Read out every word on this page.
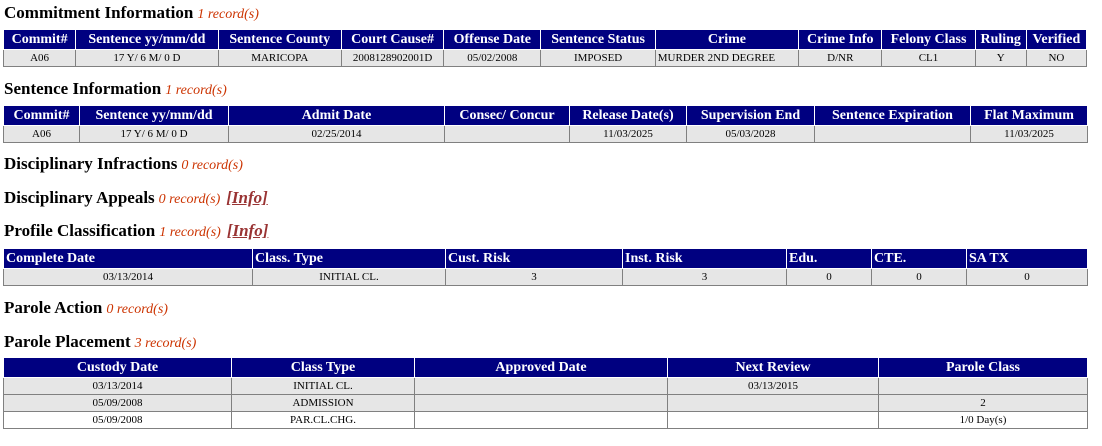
Commitment Information 1 record(s)
Commit#	Sentence yy/mm/dd	Sentence County	Court Cause#	Offense Date	Sentence Status	Crime	Crime Info	Felony Class	Ruling	Verified
A06	17 Y/ 6 M/ 0 D	MARICOPA	2008128902001D	05/02/2008	IMPOSED	MURDER 2ND DEGREE	D/NR	CL1	Y	NO
Sentence Information 1 record(s)
Commit#	Sentence yy/mm/dd	Admit Date	Consec/ Concur	Release Date(s)	Supervision End	Sentence Expiration	Flat Maximum
A06	17 Y/ 6 M/ 0 D	02/25/2014		11/03/2025	05/03/2028		11/03/2025
Disciplinary Infractions 0 record(s)
Disciplinary Appeals 0 record(s) [Info]
Profile Classification 1 record(s) [Info]
Complete Date	Class. Type	Cust. Risk	Inst. Risk	Edu.	CTE.	SA TX
03/13/2014	INITIAL CL.	3	3	0	0	0
Parole Action 0 record(s)
Parole Placement 3 record(s)
Custody Date	Class Type	Approved Date	Next Review	Parole Class
03/13/2014	INITIAL CL.		03/13/2015	
05/09/2008	ADMISSION			2
05/09/2008	PAR.CL.CHG.			1/0 Day(s)
